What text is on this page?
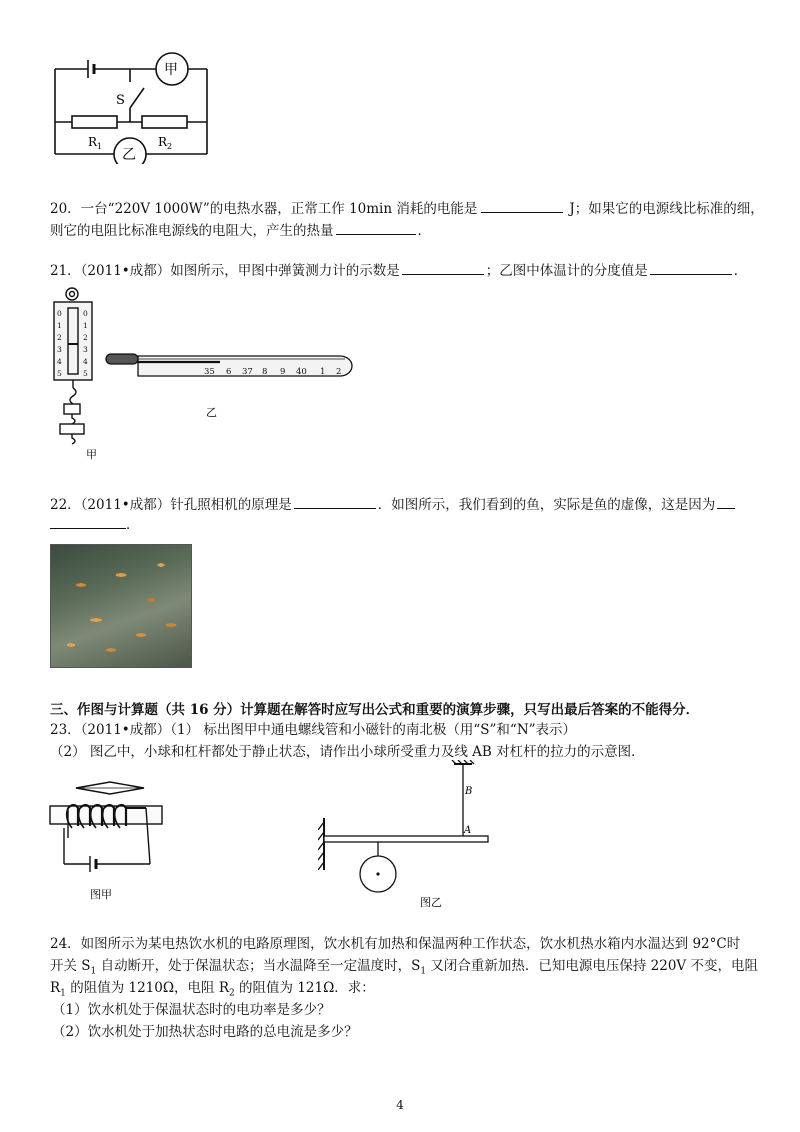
甲
乙
S
$R_1$	$R_2$
20．一台“220V 1000W”的电热水器，正常工作 10min 消耗的电能是	J；如果它的电源线比标准的细，
则它的电阻比标准电源线的电阻大，产生的热量	．
21．（2011•成都）如图所示，甲图中弹簧测力计的示数是	；乙图中体温计的分度值是	．
0
1
2
3
4
5
0
1
2
3
4
5
甲
35 6 37 8 9 40 1 2
乙
22．（2011•成都）针孔照相机的原理是	．如图所示，我们看到的鱼，实际是鱼的虚像，这是因为
．
三、作图与计算题（共 16 分）计算题在解答时应写出公式和重要的演算步骤，只写出最后答案的不能得分．
23．（2011•成都）（1） 标出图甲中通电螺线管和小磁针的南北极（用“S”和“N”表示）
（2） 图乙中，小球和杠杆都处于静止状态，请作出小球所受重力及线 AB 对杠杆的拉力的示意图．
图甲
B
A
图乙
24．如图所示为某电热饮水机的电路原理图，饮水机有加热和保温两种工作状态，饮水机热水箱内水温达到 92°C时
开关 $S_1$ 自动断开，处于保温状态；当水温降至一定温度时，$S_1$ 又闭合重新加热．已知电源电压保持 220V 不变，电阻
$R_1$ 的阻值为 1210Ω，电阻 $R_2$ 的阻值为 121Ω．求：
（1）饮水机处于保温状态时的电功率是多少？
（2）饮水机处于加热状态时电路的总电流是多少？
4
